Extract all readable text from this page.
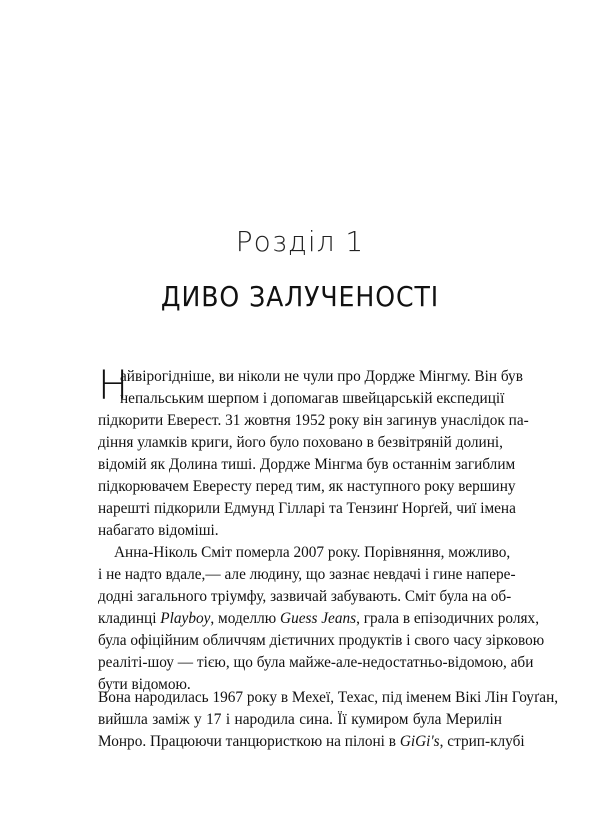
Розділ 1
ДИВО ЗАЛУЧЕНОСТІ
Н
айвірогідніше, ви ніколи не чули про Дордже Мінгму. Він був
непальським шерпом і допомагав швейцарській експедиції
підкорити Еверест. 31 жовтня 1952 року він загинув унаслідок па-
діння уламків криги, його було поховано в безвітряній долині,
відомій як Долина тиші. Дордже Мінгма був останнім загиблим
підкорювачем Евересту перед тим, як наступного року вершину
нарешті підкорили Едмунд Гілларі та Тензинґ Норґей, чиї імена
набагато відоміші.
Анна-Ніколь Сміт померла 2007 року. Порівняння, можливо,
і не надто вдале,— але людину, що зазнає невдачі і гине напере-
додні загального тріумфу, зазвичай забувають. Сміт була на об-
кладинці Playboy, моделлю Guess Jeans, грала в епізодичних ролях,
була офіційним обличчям дієтичних продуктів і свого часу зірковою
реаліті-шоу — тією, що була майже-але-недостатньо-відомою, аби
бути відомою.
Вона народилась 1967 року в Мехеї, Техас, під іменем Вікі Лін Гоуґан,
вийшла заміж у 17 і народила сина. Її кумиром була Мерилін
Монро. Працюючи танцюристкою на пілоні в GiGi's, стрип-клубі
